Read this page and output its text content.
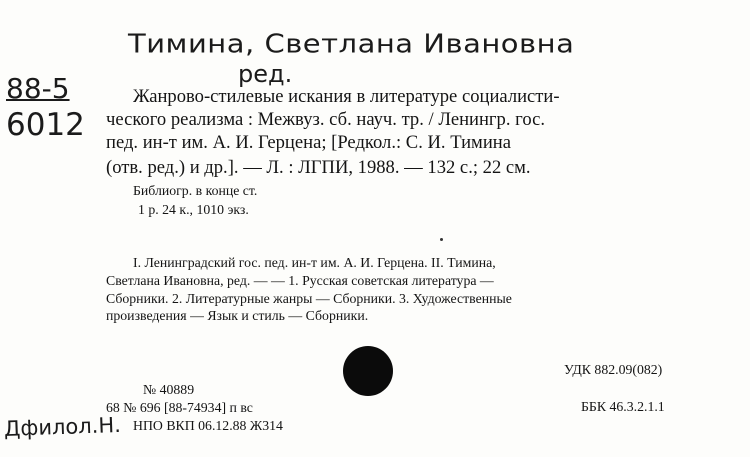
Тимина, Светлана Ивановна
ред.
88-5
6012
Дфилол.Н.
Жанрово-стилевые искания в литературе социалисти-
ческого реализма : Межвуз. сб. науч. тр. / Ленингр. гос.
пед. ин-т им. А. И. Герцена; [Редкол.: С. И. Тимина
(отв. ред.) и др.]. — Л. : ЛГПИ, 1988. — 132 с.; 22 см.
Библиогр. в конце ст.
1 р. 24 к., 1010 экз.
I. Ленинградский гос. пед. ин-т им. А. И. Герцена. II. Тимина,
Светлана Ивановна, ред. — — 1. Русская советская литература —
Сборники. 2. Литературные жанры — Сборники. 3. Художественные
произведения — Язык и стиль — Сборники.
УДК 882.09(082)
ББК 46.3.2.1.1
№ 40889
68 № 696 [88-74934] п вс
НПО ВКП 06.12.88 Ж314
